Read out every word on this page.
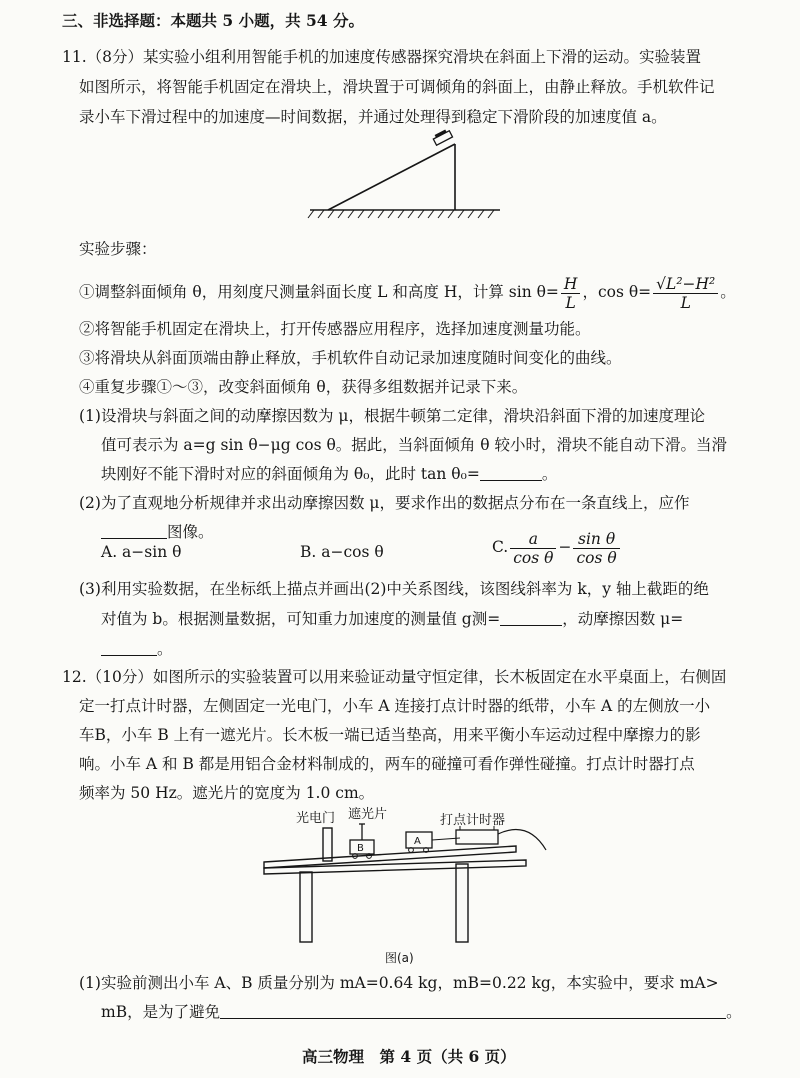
三、非选择题：本题共 5 小题，共 54 分。
11.（8分）某实验小组利用智能手机的加速度传感器探究滑块在斜面上下滑的运动。实验装置
如图所示，将智能手机固定在滑块上，滑块置于可调倾角的斜面上，由静止释放。手机软件记
录小车下滑过程中的加速度—时间数据，并通过处理得到稳定下滑阶段的加速度值 a。
实验步骤：
①调整斜面倾角 θ，用刻度尺测量斜面长度 L 和高度 H，计算 $\sin \theta= \frac{H}{L}$ ，$\cos \theta= \frac{\text{√L²−H²}}{L}$ 。
②将智能手机固定在滑块上，打开传感器应用程序，选择加速度测量功能。
③将滑块从斜面顶端由静止释放，手机软件自动记录加速度随时间变化的曲线。
④重复步骤①～③，改变斜面倾角 θ，获得多组数据并记录下来。
(1)设滑块与斜面之间的动摩擦因数为 μ，根据牛顿第二定律，滑块沿斜面下滑的加速度理论
值可表示为 a=g sin θ−μg cos θ。据此，当斜面倾角 θ 较小时，滑块不能自动下滑。当滑
块刚好不能下滑时对应的斜面倾角为 θ₀，此时 tan θ₀=	。
(2)为了直观地分析规律并求出动摩擦因数 μ，要求作出的数据点分布在一条直线上，应作
图像。
A. a−sin θ	B. a−cos θ	C. $\frac{a}{\text{cos θ}} - \frac{\text{sin θ}}{\text{cos θ}}$
(3)利用实验数据，在坐标纸上描点并画出(2)中关系图线，该图线斜率为 k，y 轴上截距的绝
对值为 b。根据测量数据，可知重力加速度的测量值 g测=	，动摩擦因数 μ=
。
12.（10分）如图所示的实验装置可以用来验证动量守恒定律，长木板固定在水平桌面上，右侧固
定一打点计时器，左侧固定一光电门，小车 A 连接打点计时器的纸带，小车 A 的左侧放一小
车B，小车 B 上有一遮光片。长木板一端已适当垫高，用来平衡小车运动过程中摩擦力的影
响。小车 A 和 B 都是用铝合金材料制成的，两车的碰撞可看作弹性碰撞。打点计时器打点
频率为 50 Hz。遮光片的宽度为 1.0 cm。
光电门 遮光片	打点计时器
B
A
图(a)
(1)实验前测出小车 A、B 质量分别为 mA=0.64 kg，mB=0.22 kg，本实验中，要求 mA>
mB，是为了避免	。
高三物理　第 4 页（共 6 页）
